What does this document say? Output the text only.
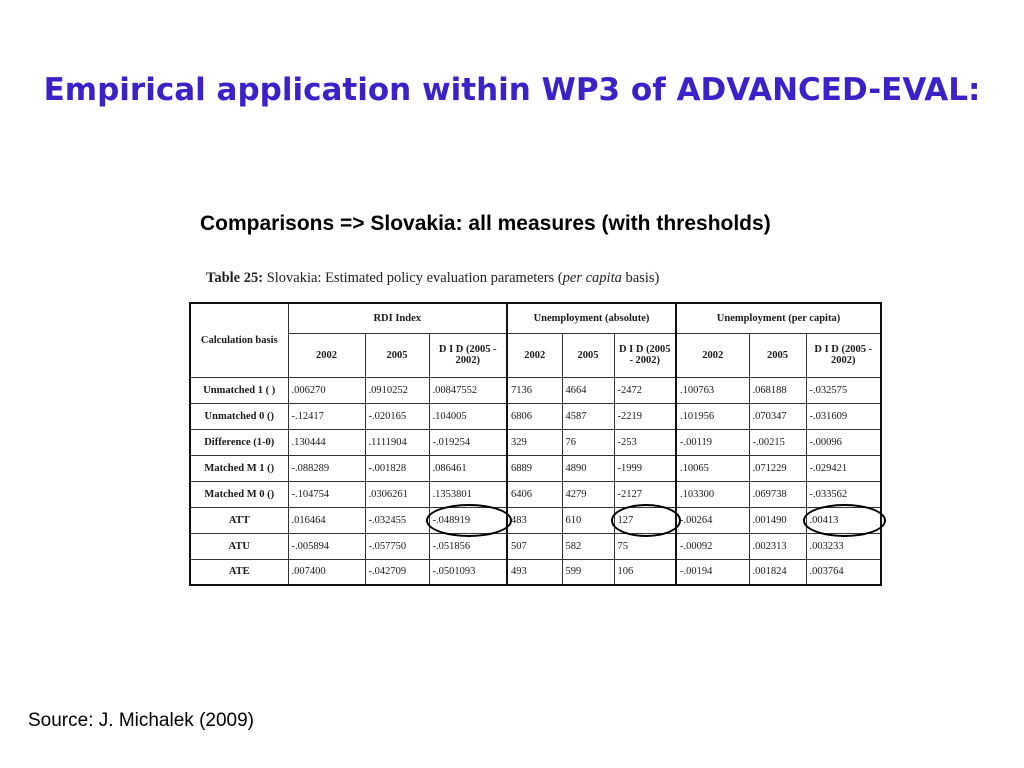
Empirical application within WP3 of ADVANCED-EVAL:
Comparisons => Slovakia: all measures (with thresholds)
Table 25: Slovakia: Estimated policy evaluation parameters (per capita basis)
Calculation basis	RDI Index			Unemployment (absolute)			Unemployment (per capita)		
	2002	2005	D I D (2005 - 2002)	2002	2005	D I D (2005 - 2002)	2002	2005	D I D (2005 - 2002)
Unmatched 1 ( )	.006270	.0910252	.00847552	7136	4664	-2472	.100763	.068188	-.032575
Unmatched 0 ()	-.12417	-.020165	.104005	6806	4587	-2219	.101956	.070347	-.031609
Difference (1-0)	.130444	.1111904	-.019254	329	76	-253	-.00119	-.00215	-.00096
Matched M 1 ()	-.088289	-.001828	.086461	6889	4890	-1999	.10065	.071229	-.029421
Matched M 0 ()	-.104754	.0306261	.1353801	6406	4279	-2127	.103300	.069738	-.033562
ATT	.016464	-.032455	-.048919	483	610	127	-.00264	.001490	.00413

ATU	-.005894	-.057750	-.051856	507	582	75	-.00092	.002313	.003233
ATE	.007400	-.042709	-.0501093	493	599	106	-.00194	.001824	.003764
Source: J. Michalek (2009)
